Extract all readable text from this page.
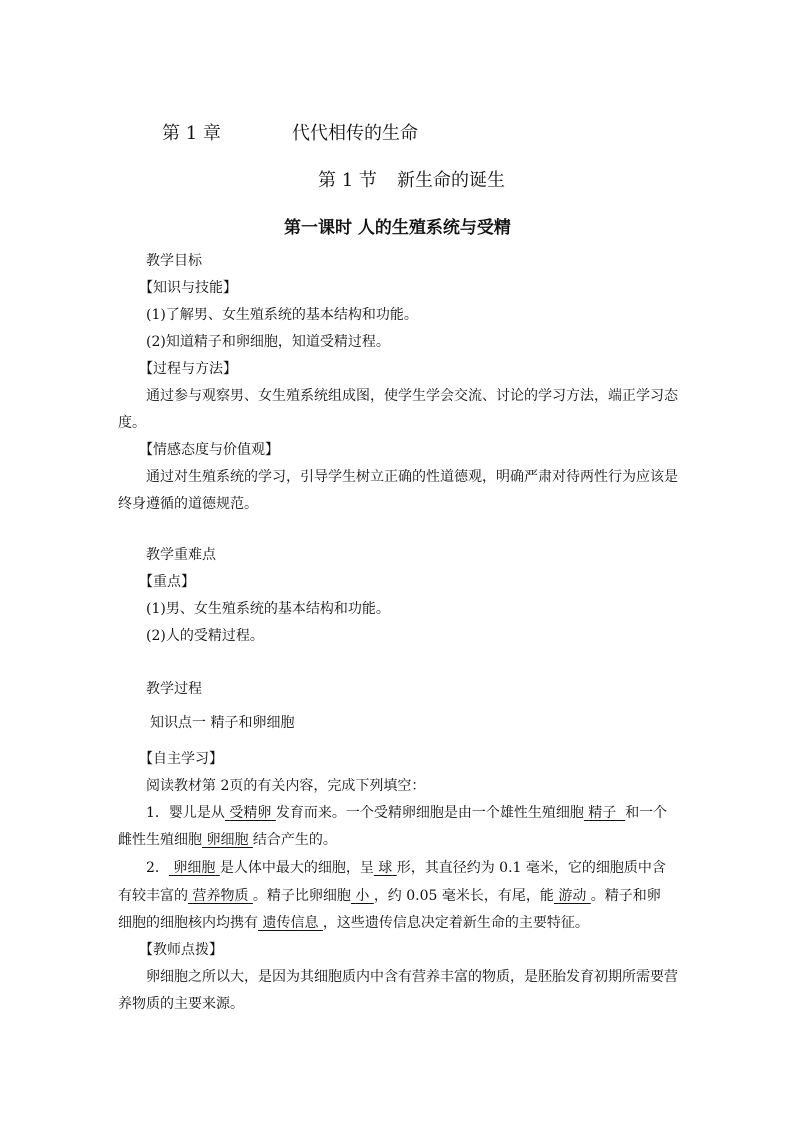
第 1 章	代代相传的生命
第 1 节 新生命的诞生
第一课时 人的生殖系统与受精
教学目标
【知识与技能】
(1)了解男、女生殖系统的基本结构和功能。
(2)知道精子和卵细胞，知道受精过程。
【过程与方法】
通过参与观察男、女生殖系统组成图，使学生学会交流、讨论的学习方法，端正学习态
度。
【情感态度与价值观】
通过对生殖系统的学习，引导学生树立正确的性道德观，明确严肃对待两性行为应该是
终身遵循的道德规范。
教学重难点
【重点】
(1)男、女生殖系统的基本结构和功能。
(2)人的受精过程。
教学过程
知识点一 精子和卵细胞
【自主学习】
阅读教材第 2页的有关内容，完成下列填空：
1．婴儿是从 受精卵 发育而来。一个受精卵细胞是由一个雄性生殖细胞 精子 和一个
雌性生殖细胞 卵细胞 结合产生的。
2． 卵细胞 是人体中最大的细胞，呈 球 形，其直径约为 0.1 毫米，它的细胞质中含
有较丰富的 营养物质 。精子比卵细胞 小 ，约 0.05 毫米长，有尾，能 游动 。精子和卵
细胞的细胞核内均携有 遗传信息 ，这些遗传信息决定着新生命的主要特征。
【教师点拨】
卵细胞之所以大，是因为其细胞质内中含有营养丰富的物质，是胚胎发育初期所需要营
养物质的主要来源。
